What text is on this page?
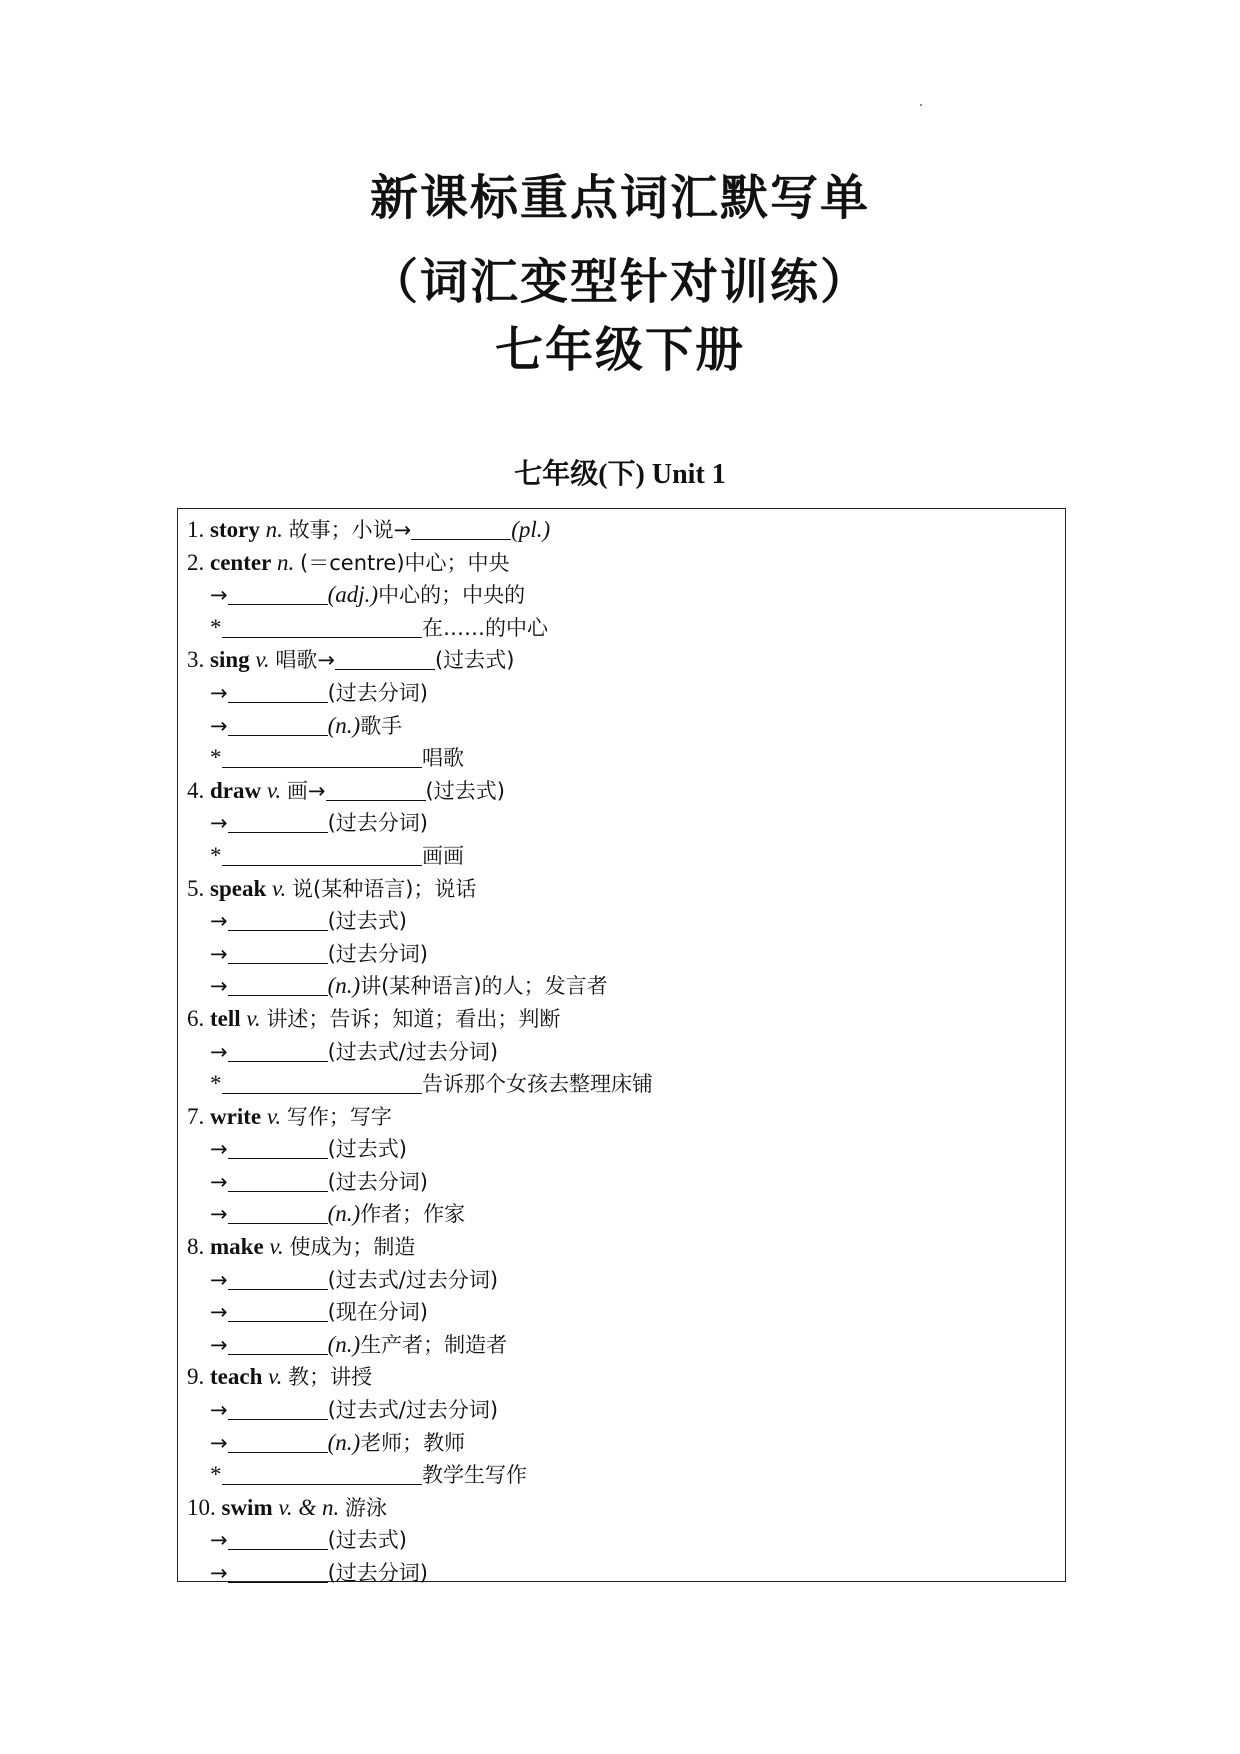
新课标重点词汇默写单
（词汇变型针对训练）
七年级下册
七年级(下) Unit 1
1. story n. 故事；小说→	(pl.)
2. center n. (＝centre)中心；中央
→	(adj.)中心的；中央的
*	在……的中心
3. sing v. 唱歌→	(过去式)
→	(过去分词)
→	(n.)歌手
*	唱歌
4. draw v. 画→	(过去式)
→	(过去分词)
*	画画
5. speak v. 说(某种语言)；说话
→	(过去式)
→	(过去分词)
→	(n.)讲(某种语言)的人；发言者
6. tell v. 讲述；告诉；知道；看出；判断
→	(过去式/过去分词)
*	告诉那个女孩去整理床铺
7. write v. 写作；写字
→	(过去式)
→	(过去分词)
→	(n.)作者；作家
8. make v. 使成为；制造
→	(过去式/过去分词)
→	(现在分词)
→	(n.)生产者；制造者
9. teach v. 教；讲授
→	(过去式/过去分词)
→	(n.)老师；教师
*	教学生写作
10. swim v. & n. 游泳
→	(过去式)
→	(过去分词)
